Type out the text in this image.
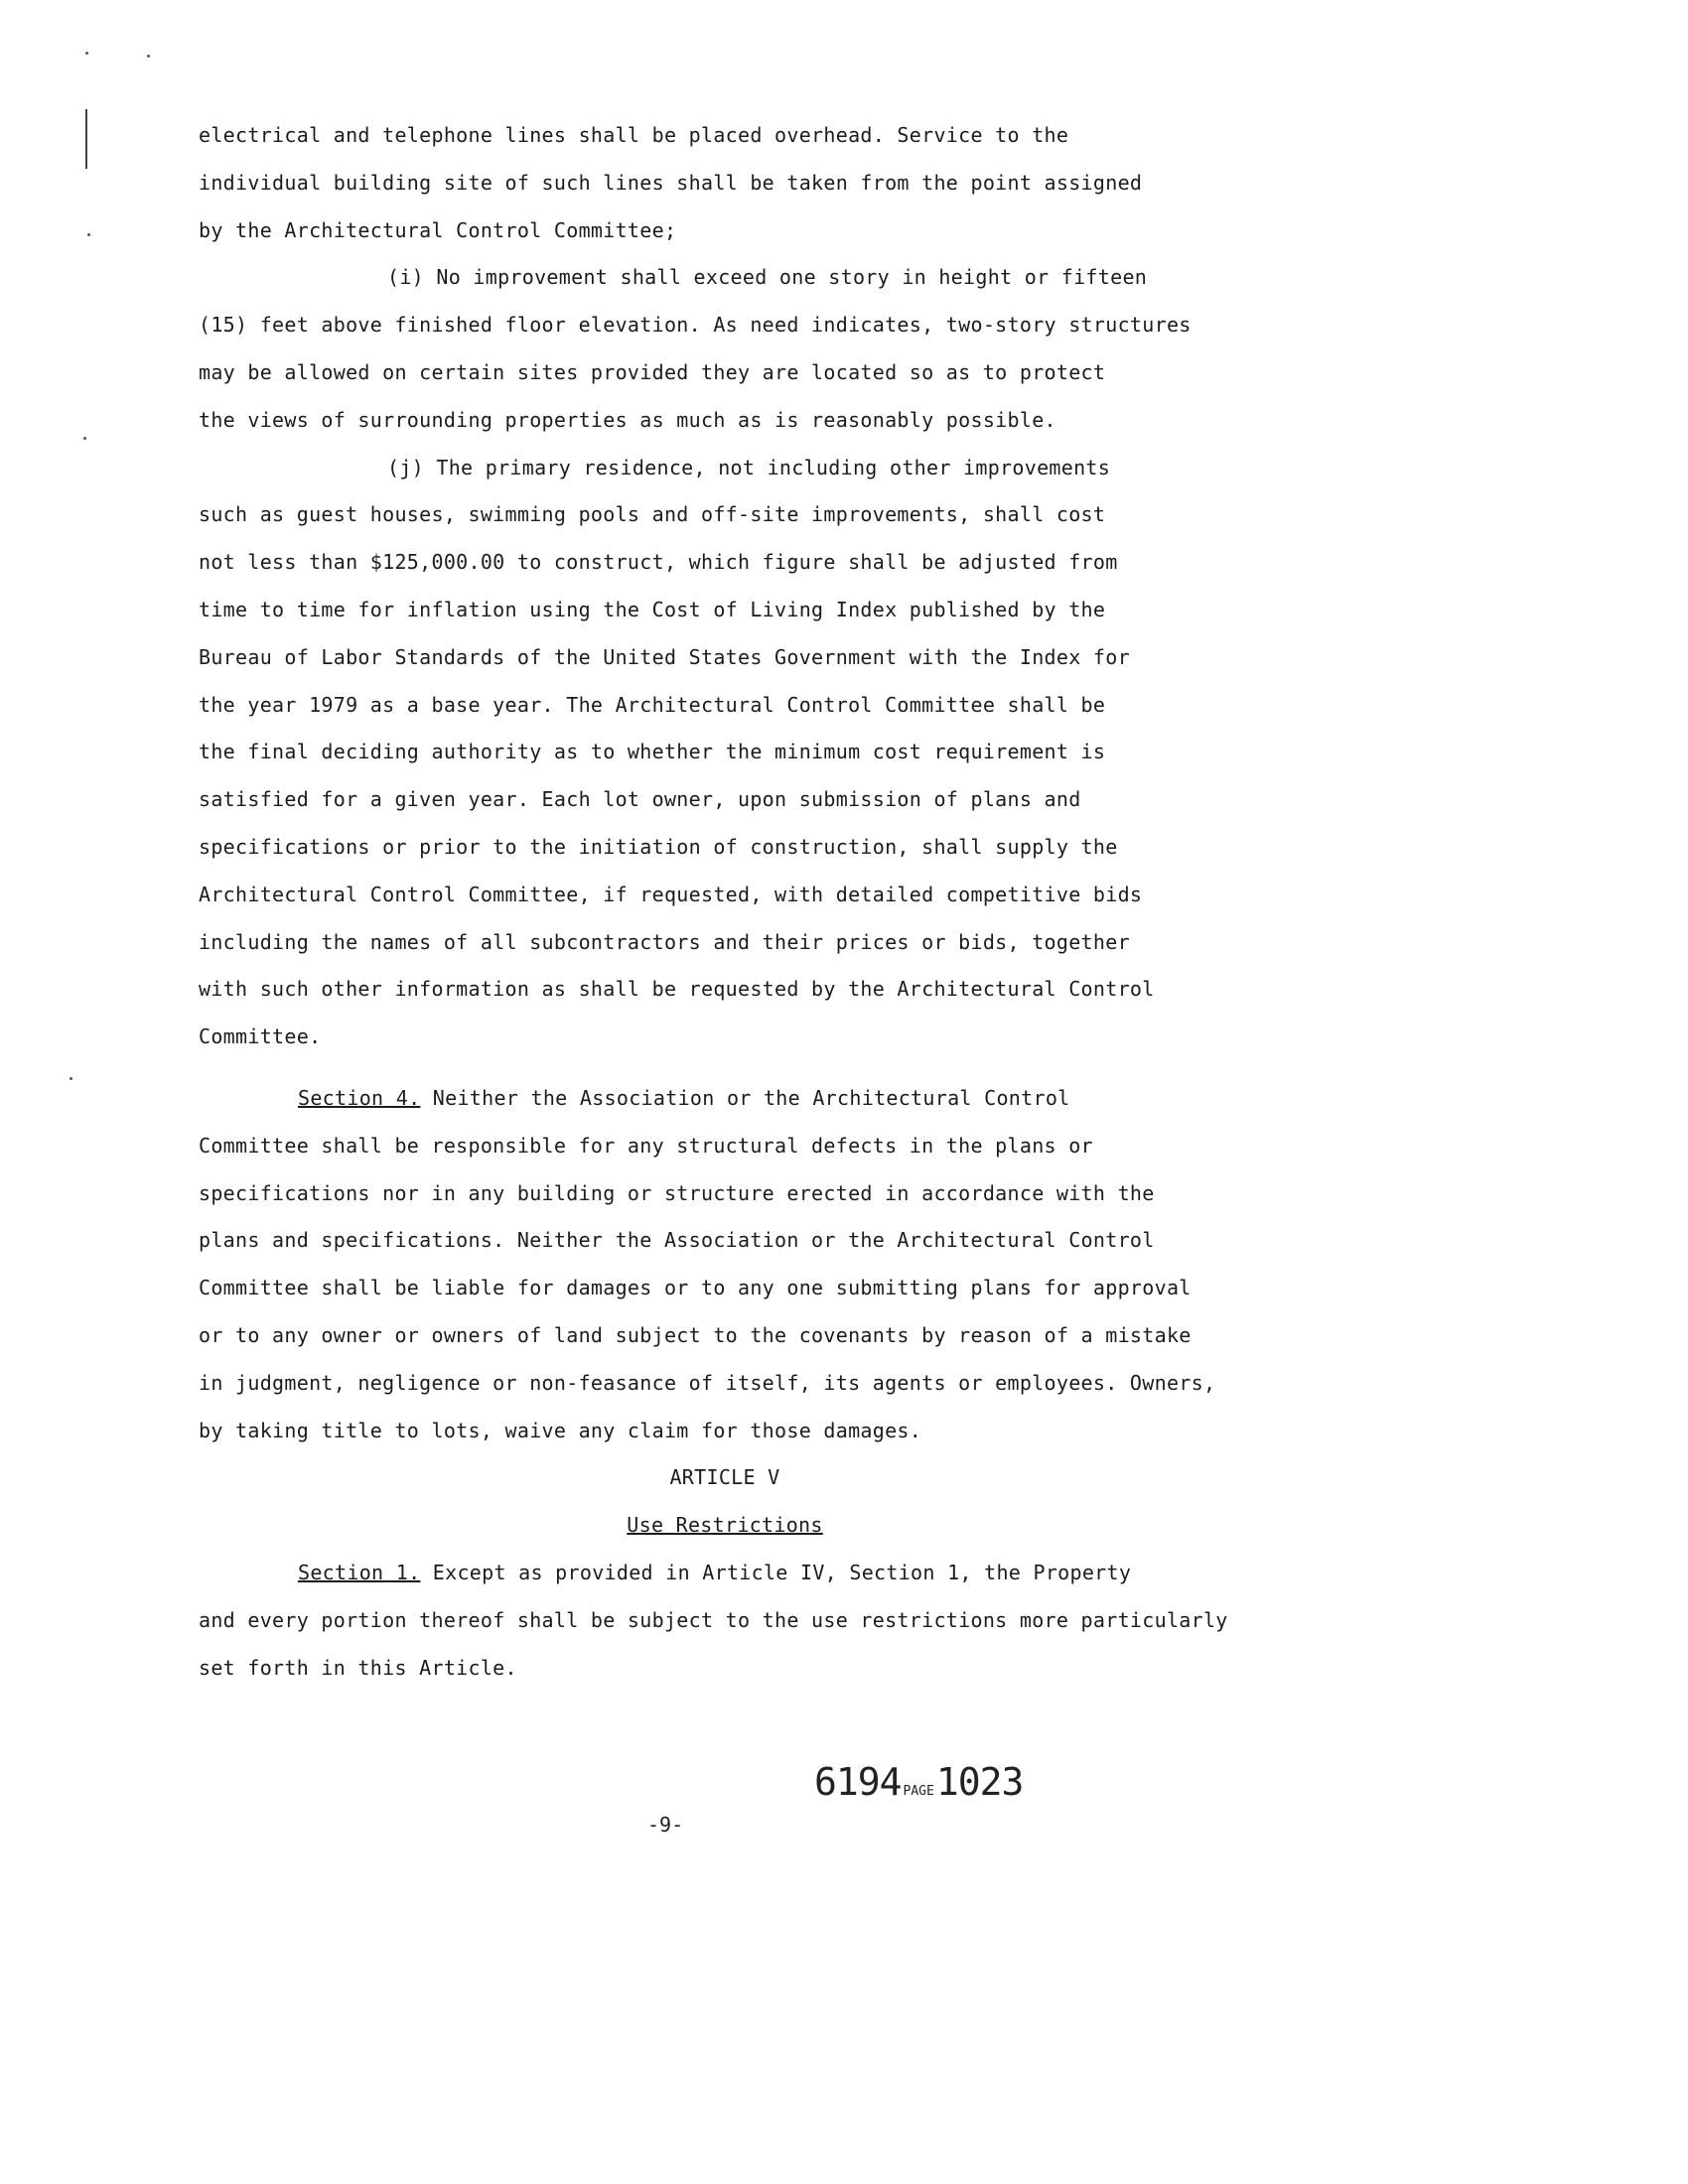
electrical and telephone lines shall be placed overhead. Service to the
individual building site of such lines shall be taken from the point assigned
by the Architectural Control Committee;
(i) No improvement shall exceed one story in height or fifteen
(15) feet above finished floor elevation. As need indicates, two-story structures
may be allowed on certain sites provided they are located so as to protect
the views of surrounding properties as much as is reasonably possible.
(j) The primary residence, not including other improvements
such as guest houses, swimming pools and off-site improvements, shall cost
not less than $125,000.00 to construct, which figure shall be adjusted from
time to time for inflation using the Cost of Living Index published by the
Bureau of Labor Standards of the United States Government with the Index for
the year 1979 as a base year. The Architectural Control Committee shall be
the final deciding authority as to whether the minimum cost requirement is
satisfied for a given year. Each lot owner, upon submission of plans and
specifications or prior to the initiation of construction, shall supply the
Architectural Control Committee, if requested, with detailed competitive bids
including the names of all subcontractors and their prices or bids, together
with such other information as shall be requested by the Architectural Control
Committee.
Section 4. Neither the Association or the Architectural Control
Committee shall be responsible for any structural defects in the plans or
specifications nor in any building or structure erected in accordance with the
plans and specifications. Neither the Association or the Architectural Control
Committee shall be liable for damages or to any one submitting plans for approval
or to any owner or owners of land subject to the covenants by reason of a mistake
in judgment, negligence or non-feasance of itself, its agents or employees. Owners,
by taking title to lots, waive any claim for those damages.
ARTICLE V
Use Restrictions
Section 1. Except as provided in Article IV, Section 1, the Property
and every portion thereof shall be subject to the use restrictions more particularly
set forth in this Article.
6194 PAGE1023
-9-
